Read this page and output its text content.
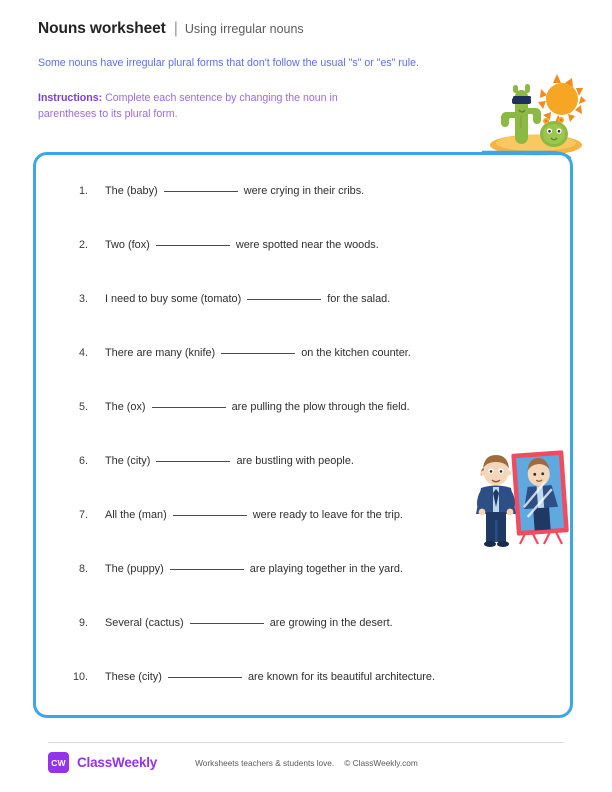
Nouns worksheet | Using irregular nouns
Some nouns have irregular plural forms that don't follow the usual "s" or "es" rule.
Instructions: Complete each sentence by changing the noun in parentheses to its plural form.
1. The (baby)	were crying in their cribs.
2. Two (fox)	were spotted near the woods.
3. I need to buy some (tomato)	for the salad.
4. There are many (knife)	on the kitchen counter.
5. The (ox)	are pulling the plow through the field.
6. The (city)	are bustling with people.
7. All the (man)	were ready to leave for the trip.
8. The (puppy)	are playing together in the yard.
9. Several (cactus)	are growing in the desert.
10. These (city)	are known for its beautiful architecture.
CW ClassWeekly	Worksheets teachers & students love. © ClassWeekly.com
